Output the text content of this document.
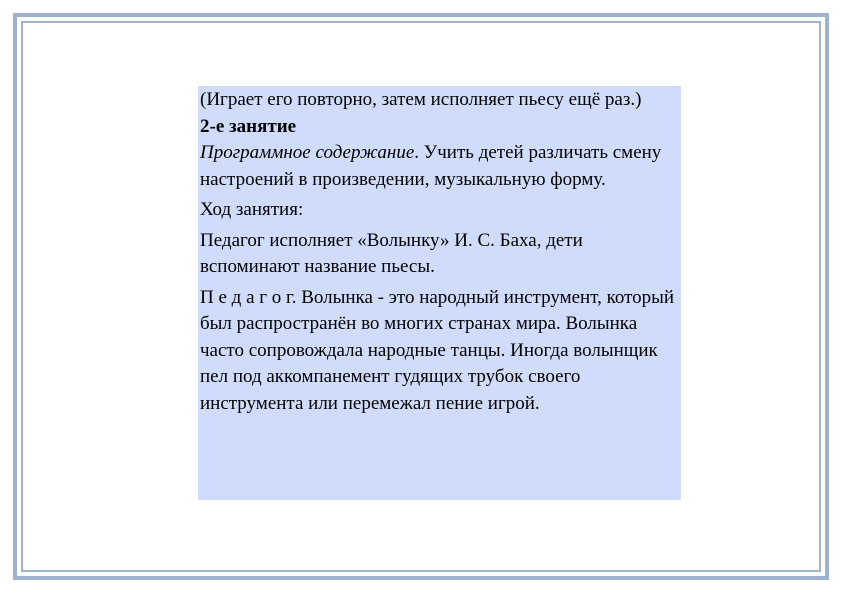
(Играет его повторно, затем исполняет пьесу ещё раз.)

2-е занятие

Программное содержание. Учить детей различать смену настроений в произведении, музыкальную форму.

Ход занятия:

Педагог исполняет «Волынку» И. С. Баха, дети вспоминают название пьесы.

П е д а г о г. Волынка - это народный инструмент, который был распространён во многих странах мира. Волынка часто сопровождала народные танцы. Иногда волынщик пел под аккомпанемент гудящих трубок своего инструмента или перемежал пение игрой.
